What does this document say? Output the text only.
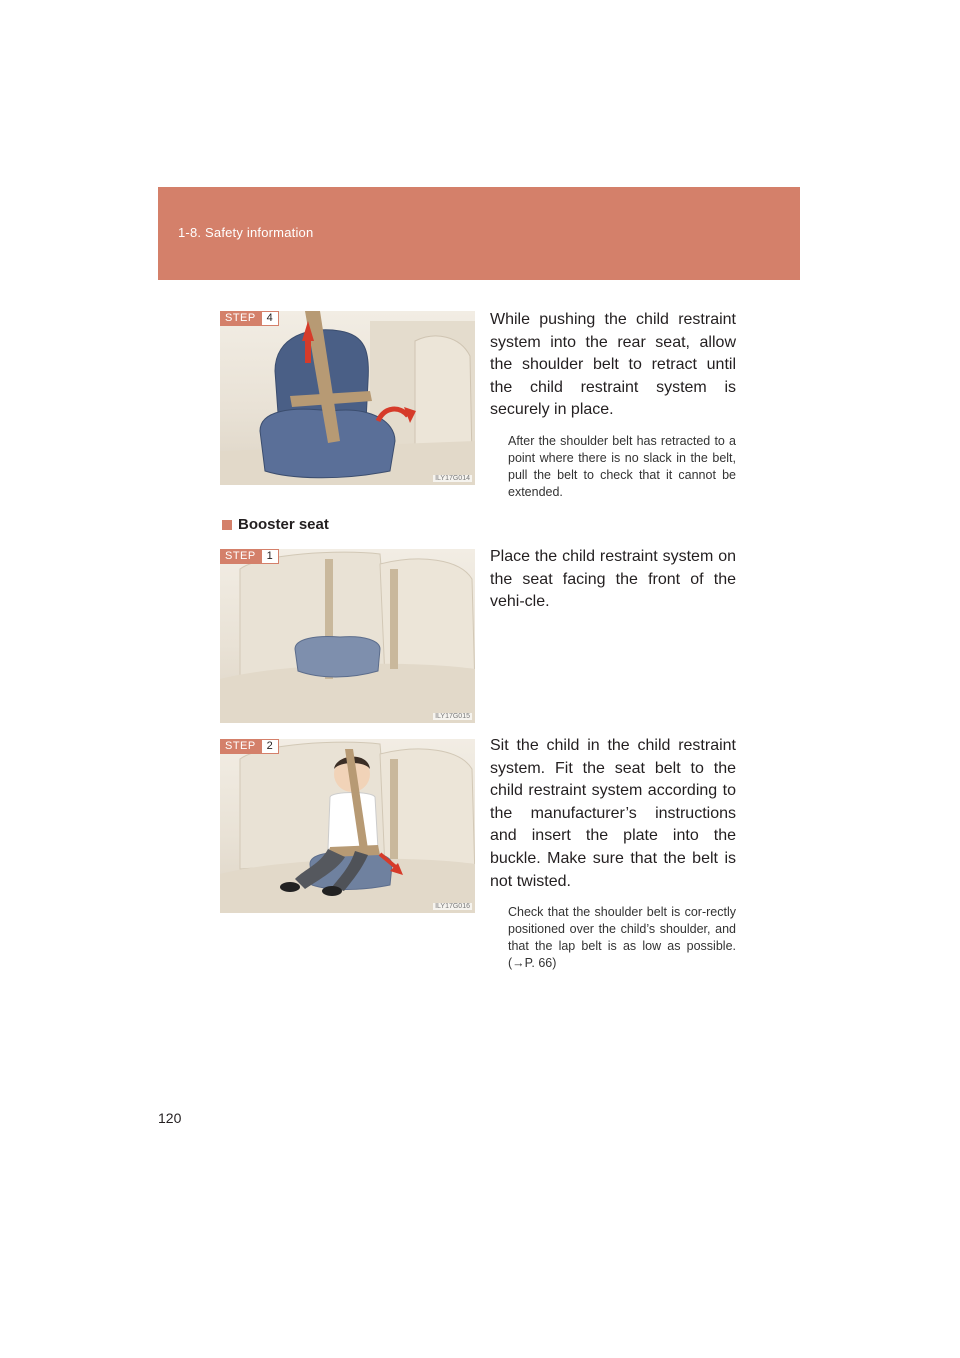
1-8. Safety information
STEP 4
ILY17G014
While pushing the child restraint system into the rear seat, allow the shoulder belt to retract until the child restraint system is securely in place.
After the shoulder belt has retracted to a point where there is no slack in the belt, pull the belt to check that it cannot be extended.
Booster seat
STEP 1
ILY17G015
Place the child restraint system on the seat facing the front of the vehi-cle.
STEP 2
ILY17G016
Sit the child in the child restraint system. Fit the seat belt to the child restraint system according to the manufacturer’s instructions and insert the plate into the buckle. Make sure that the belt is not twisted.
Check that the shoulder belt is cor-rectly positioned over the child’s shoulder, and that the lap belt is as low as possible. (→P. 66)
120
